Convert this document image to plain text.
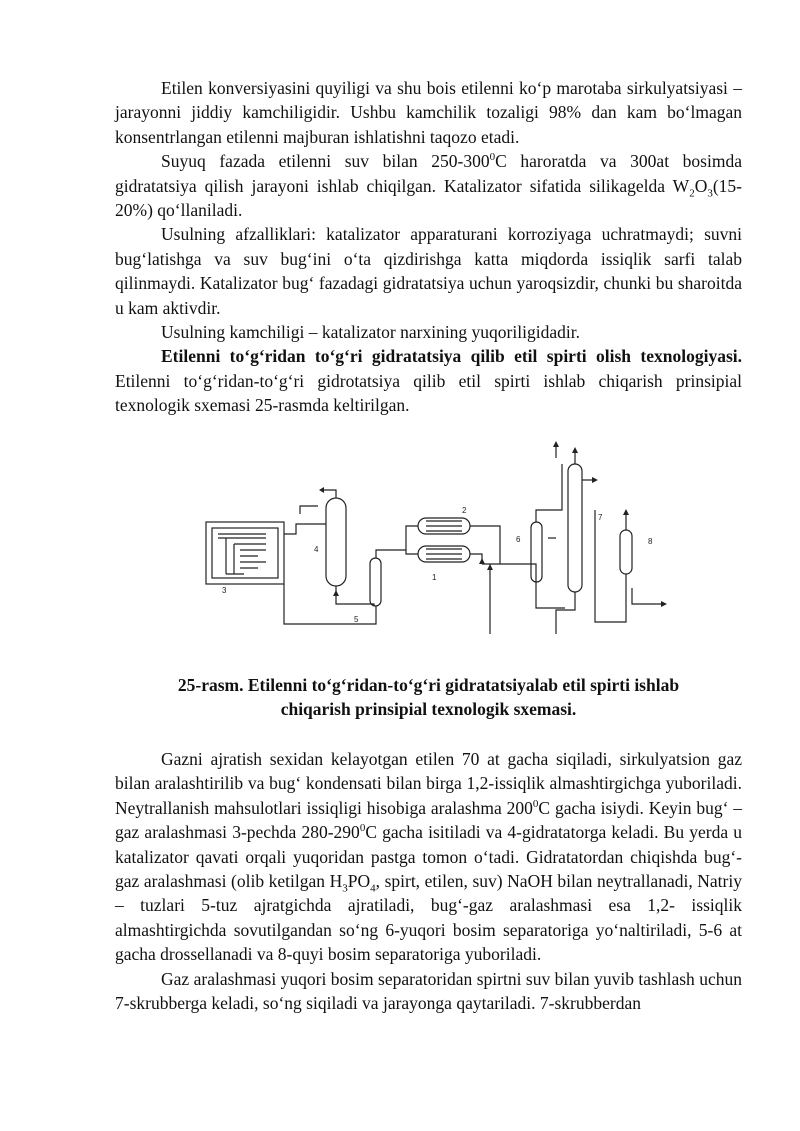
Etilen konversiyasini quyiligi va shu bois etilenni ko‘p marotaba sirkulyatsiyasi – jarayonni jiddiy kamchiligidir. Ushbu kamchilik tozaligi 98% dan kam bo‘lmagan konsentrlangan etilenni majburan ishlatishni taqozo etadi.

Suyuq fazada etilenni suv bilan $250-300^0C$ haroratda va 300at bosimda gidratatsiya qilish jarayoni ishlab chiqilgan. Katalizator sifatida silikagelda $W_2O_3(15-20\%)$ qo‘llaniladi.

Usulning afzalliklari: katalizator apparaturani korroziyaga uchratmaydi; suvni bug‘latishga va suv bug‘ini o‘ta qizdirishga katta miqdorda issiqlik sarfi talab qilinmaydi. Katalizator bug‘ fazadagi gidratatsiya uchun yaroqsizdir, chunki bu sharoitda u kam aktivdir.

Usulning kamchiligi – katalizator narxining yuqoriligidadir.

Etilenni to‘g‘ridan to‘g‘ri gidratatsiya qilib etil spirti olish texnologiyasi. Etilenni to‘g‘ridan-to‘g‘ri gidrotatsiya qilib etil spirti ishlab chiqarish prinsipial texnologik sxemasi 25-rasmda keltirilgan.

1
2
3
4
5
6
7
8
25-rasm. Etilenni to‘g‘ridan-to‘g‘ri gidratatsiyalab etil spirti ishlab
chiqarish prinsipial texnologik sxemasi.

Gazni ajratish sexidan kelayotgan etilen 70 at gacha siqiladi, sirkulyatsion gaz bilan aralashtirilib va bug‘ kondensati bilan birga 1,2-issiqlik almashtirgichga yuboriladi. Neytrallanish mahsulotlari issiqligi hisobiga aralashma $200^0C$ gacha isiydi. Keyin bug‘ –gaz aralashmasi 3-pechda $280-290^0C$ gacha isitiladi va 4-gidratatorga keladi. Bu yerda u katalizator qavati orqali yuqoridan pastga tomon o‘tadi. Gidratatordan chiqishda bug‘-gaz aralashmasi (olib ketilgan $H_3PO_4$, spirt, etilen, suv) NaOH bilan neytrallanadi, Natriy – tuzlari 5-tuz ajratgichda ajratiladi, bug‘-gaz aralashmasi esa 1,2- issiqlik almashtirgichda sovutilgandan so‘ng 6-yuqori bosim separatoriga yo‘naltiriladi, 5-6 at gacha drossellanadi va 8-quyi bosim separatoriga yuboriladi.

Gaz aralashmasi yuqori bosim separatoridan spirtni suv bilan yuvib tashlash uchun 7-skrubberga keladi, so‘ng siqiladi va jarayonga qaytariladi. 7-skrubberdan
